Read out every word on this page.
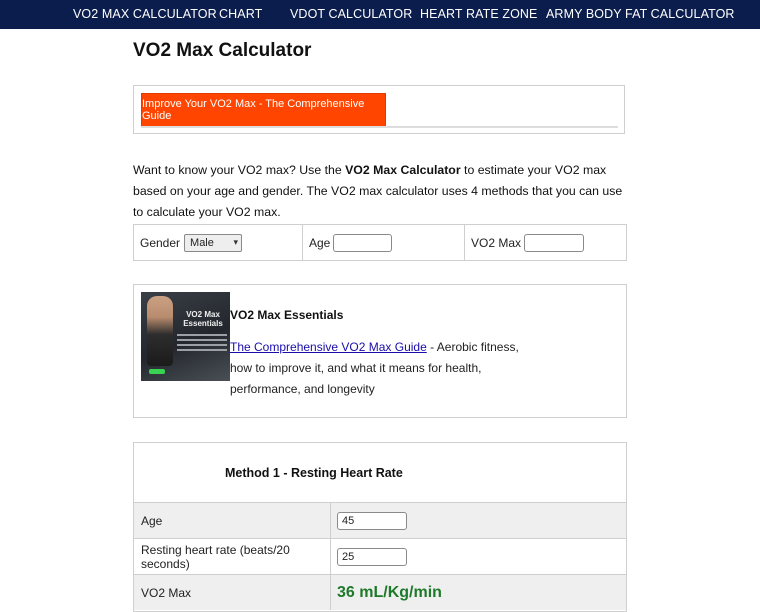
VO2 MAX CALCULATOR CHART VDOT CALCULATOR HEART RATE ZONE ARMY BODY FAT CALCULATOR
VO2 Max Calculator
Improve Your VO2 Max - The Comprehensive Guide

Want to know your VO2 max? Use the VO2 Max Calculator to estimate your VO2 max based on your age and gender. The VO2 max calculator uses 4 methods that you can use to calculate your VO2 max.

Gender Male ▾	Age	VO2 Max
VO2 Max Essentials
VO2 Max Essentials
The Comprehensive VO2 Max Guide - Aerobic fitness, how to improve it, and what it means for health, performance, and longevity
Method 1 - Resting Heart Rate
Age	45
Resting heart rate (beats/20 seconds)	25
VO2 Max	36 mL/Kg/min
